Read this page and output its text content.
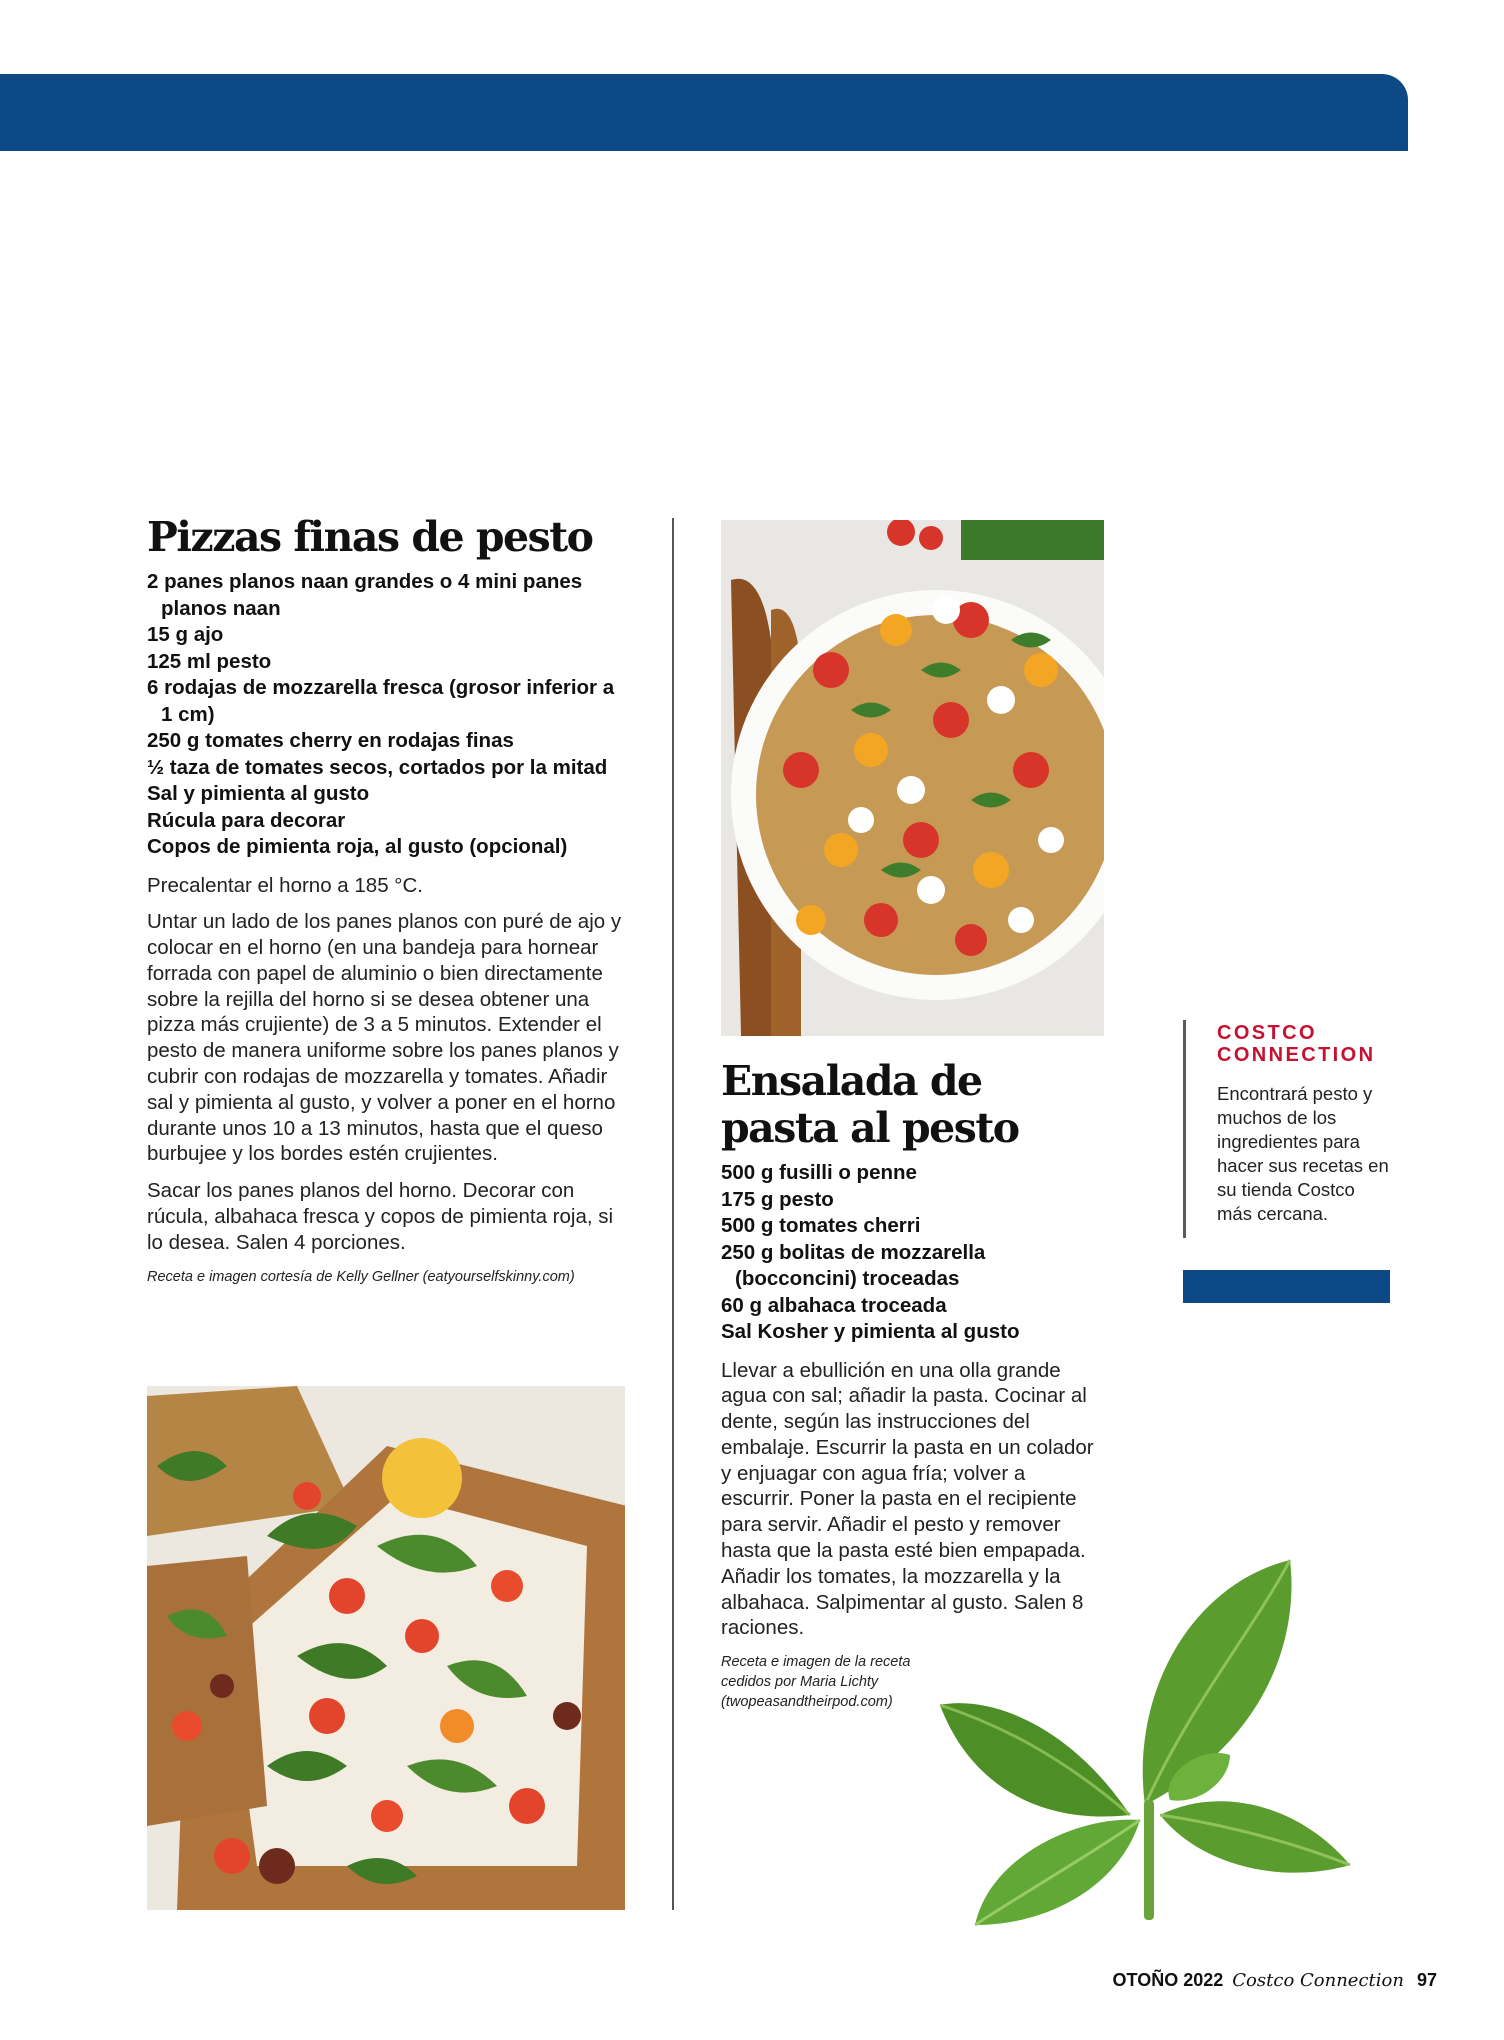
Pizzas finas de pesto
2 panes planos naan grandes o 4 mini panes planos naan
15 g ajo
125 ml pesto
6 rodajas de mozzarella fresca (grosor inferior a 1 cm)
250 g tomates cherry en rodajas finas
½ taza de tomates secos, cortados por la mitad
Sal y pimienta al gusto
Rúcula para decorar
Copos de pimienta roja, al gusto (opcional)

Precalentar el horno a 185 °C.

Untar un lado de los panes planos con puré de ajo y colocar en el horno (en una bandeja para hornear forrada con papel de aluminio o bien directamente sobre la rejilla del horno si se desea obtener una pizza más crujiente) de 3 a 5 minutos. Extender el pesto de manera uniforme sobre los panes planos y cubrir con rodajas de mozzarella y tomates. Añadir sal y pimienta al gusto, y volver a poner en el horno durante unos 10 a 13 minutos, hasta que el queso burbujee y los bordes estén crujientes.

Sacar los panes planos del horno. Decorar con rúcula, albahaca fresca y copos de pimienta roja, si lo desea. Salen 4 porciones.

Receta e imagen cortesía de Kelly Gellner (eatyourselfskinny.com)

Ensalada de pasta al pesto
500 g fusilli o penne
175 g pesto
500 g tomates cherri
250 g bolitas de mozzarella (bocconcini) troceadas
60 g albahaca troceada
Sal Kosher y pimienta al gusto

Llevar a ebullición en una olla grande agua con sal; añadir la pasta. Cocinar al dente, según las instrucciones del embalaje. Escurrir la pasta en un colador y enjuagar con agua fría; volver a escurrir. Poner la pasta en el recipiente para servir. Añadir el pesto y remover hasta que la pasta esté bien empapada. Añadir los tomates, la mozzarella y la albahaca. Salpimentar al gusto. Salen 8 raciones.

Receta e imagen de la receta cedidos por Maria Lichty (twopeasandtheirpod.com)

COSTCO CONNECTION

Encontrará pesto y muchos de los ingredientes para hacer sus recetas en su tienda Costco más cercana.

OTOÑO 2022 Costco Connection 97
